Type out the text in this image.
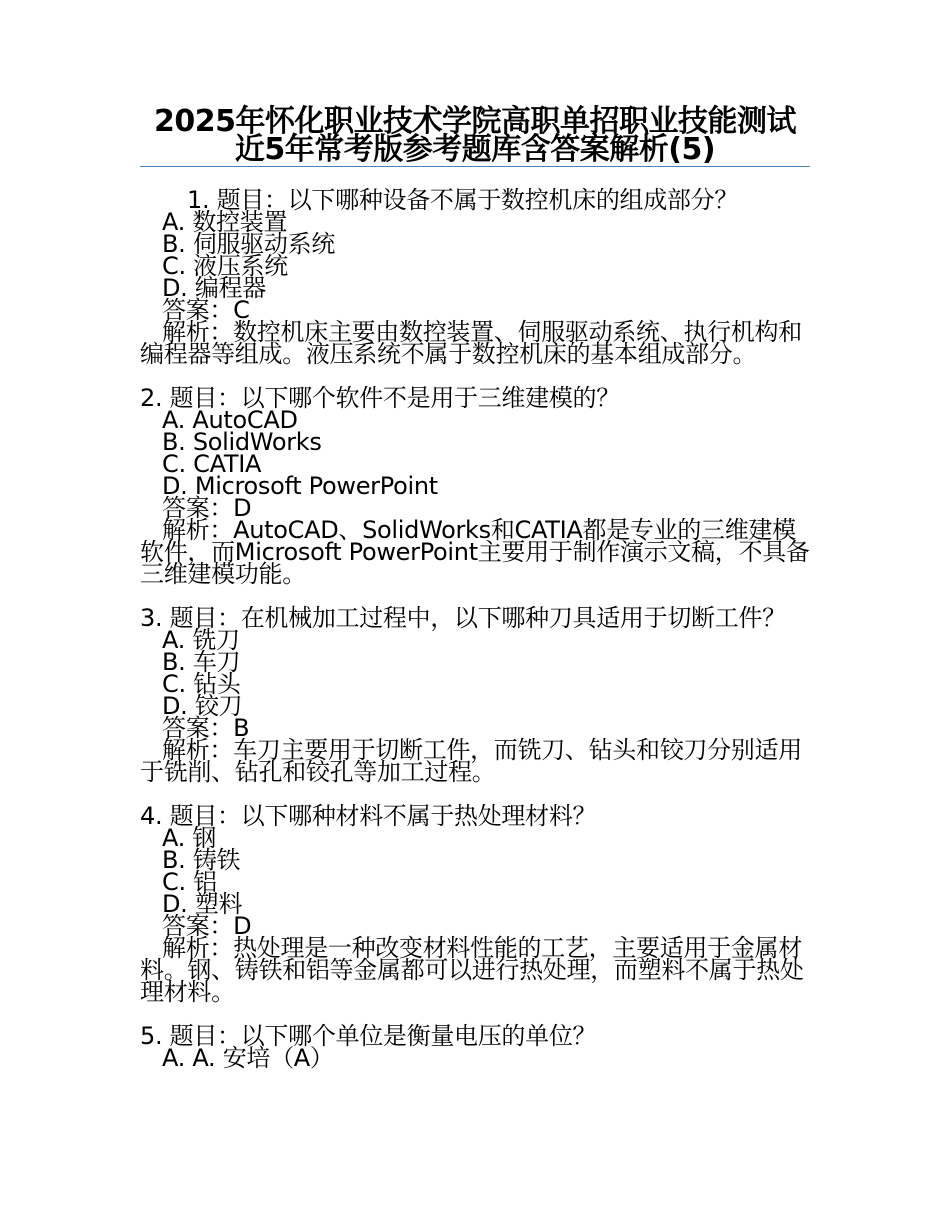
2025年怀化职业技术学院高职单招职业技能测试近5年常考版参考题库含答案解析(5)

1. 题目：以下哪种设备不属于数控机床的组成部分？

A. 数控装置

B. 伺服驱动系统

C. 液压系统

D. 编程器

答案：C

解析：数控机床主要由数控装置、伺服驱动系统、执行机构和编程器等组成。液压系统不属于数控机床的基本组成部分。

2. 题目：以下哪个软件不是用于三维建模的？

A. AutoCAD

B. SolidWorks

C. CATIA

D. Microsoft PowerPoint

答案：D

解析：AutoCAD、SolidWorks和CATIA都是专业的三维建模软件，而Microsoft PowerPoint主要用于制作演示文稿，不具备三维建模功能。

3. 题目：在机械加工过程中，以下哪种刀具适用于切断工件？

A. 铣刀

B. 车刀

C. 钻头

D. 铰刀

答案：B

解析：车刀主要用于切断工件，而铣刀、钻头和铰刀分别适用于铣削、钻孔和铰孔等加工过程。

4. 题目：以下哪种材料不属于热处理材料？

A. 钢

B. 铸铁

C. 铝

D. 塑料

答案：D

解析：热处理是一种改变材料性能的工艺，主要适用于金属材料。钢、铸铁和铝等金属都可以进行热处理，而塑料不属于热处理材料。

5. 题目：以下哪个单位是衡量电压的单位？

A. A. 安培（A）
